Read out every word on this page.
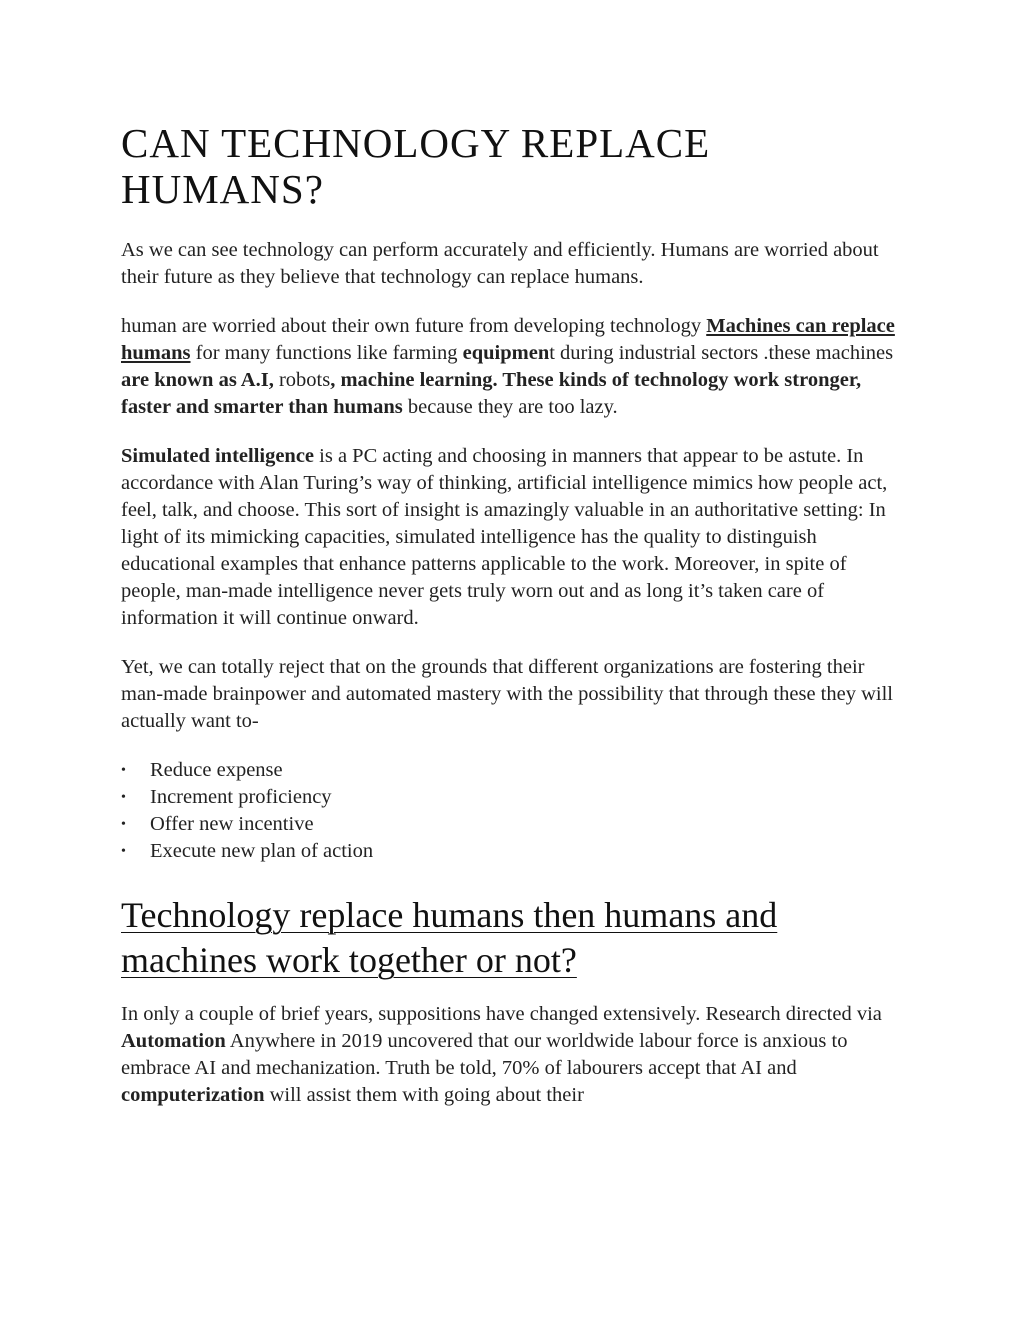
CAN TECHNOLOGY REPLACE HUMANS?

As we can see technology can perform accurately and efficiently. Humans are worried about their future as they believe that technology can replace humans.

human are worried about their own future from developing technology Machines can replace humans for many functions like farming equipment during industrial sectors .these machines are known as A.I, robots, machine learning. These kinds of technology work stronger, faster and smarter than humans because they are too lazy.

Simulated intelligence is a PC acting and choosing in manners that appear to be astute. In accordance with Alan Turing’s way of thinking, artificial intelligence mimics how people act, feel, talk, and choose. This sort of insight is amazingly valuable in an authoritative setting: In light of its mimicking capacities, simulated intelligence has the quality to distinguish educational examples that enhance patterns applicable to the work. Moreover, in spite of people, man-made intelligence never gets truly worn out and as long it’s taken care of information it will continue onward.

Yet, we can totally reject that on the grounds that different organizations are fostering their man-made brainpower and automated mastery with the possibility that through these they will actually want to-

• Reduce expense
• Increment proficiency
• Offer new incentive
• Execute new plan of action
Technology replace humans then humans and machines work together or not?

In only a couple of brief years, suppositions have changed extensively. Research directed via Automation Anywhere in 2019 uncovered that our worldwide labour force is anxious to embrace AI and mechanization. Truth be told, 70% of labourers accept that AI and computerization will assist them with going about their
